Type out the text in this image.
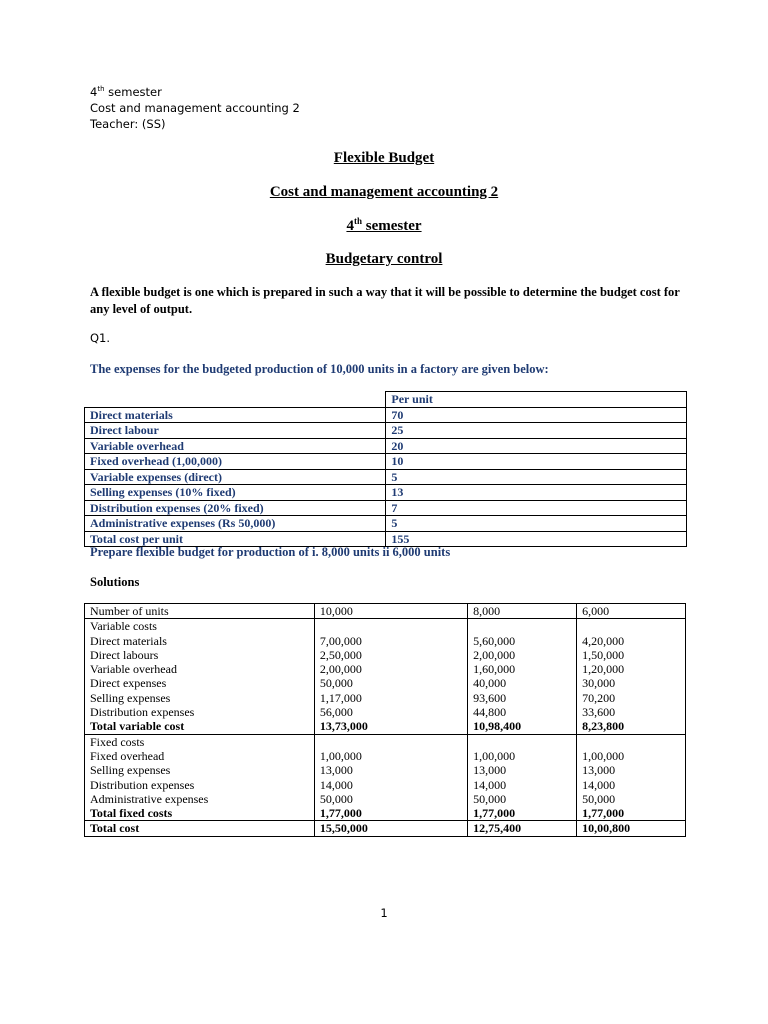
4th semester
Cost and management accounting 2
Teacher: (SS)
Flexible Budget
Cost and management accounting 2
4th semester
Budgetary control
A flexible budget is one which is prepared in such a way that it will be possible to determine the budget cost for any level of output.
Q1.
The expenses for the budgeted production of 10,000 units in a factory are given below:
	Per unit
Direct materials	70
Direct labour	25
Variable overhead	20
Fixed overhead (1,00,000)	10
Variable expenses (direct)	5
Selling expenses (10% fixed)	13
Distribution expenses (20% fixed)	7
Administrative expenses (Rs 50,000)	5
Total cost per unit	155
Prepare flexible budget for production of i. 8,000 units ii 6,000 units
Solutions
Number of units	10,000	8,000	6,000
Variable costs			
Direct materials	7,00,000	5,60,000	4,20,000
Direct labours	2,50,000	2,00,000	1,50,000
Variable overhead	2,00,000	1,60,000	1,20,000
Direct expenses	50,000	40,000	30,000
Selling expenses	1,17,000	93,600	70,200
Distribution expenses	56,000	44,800	33,600
Total variable cost	13,73,000	10,98,400	8,23,800
Fixed costs			
Fixed overhead	1,00,000	1,00,000	1,00,000
Selling expenses	13,000	13,000	13,000
Distribution expenses	14,000	14,000	14,000
Administrative expenses	50,000	50,000	50,000
Total fixed costs	1,77,000	1,77,000	1,77,000
Total cost	15,50,000	12,75,400	10,00,800
1
